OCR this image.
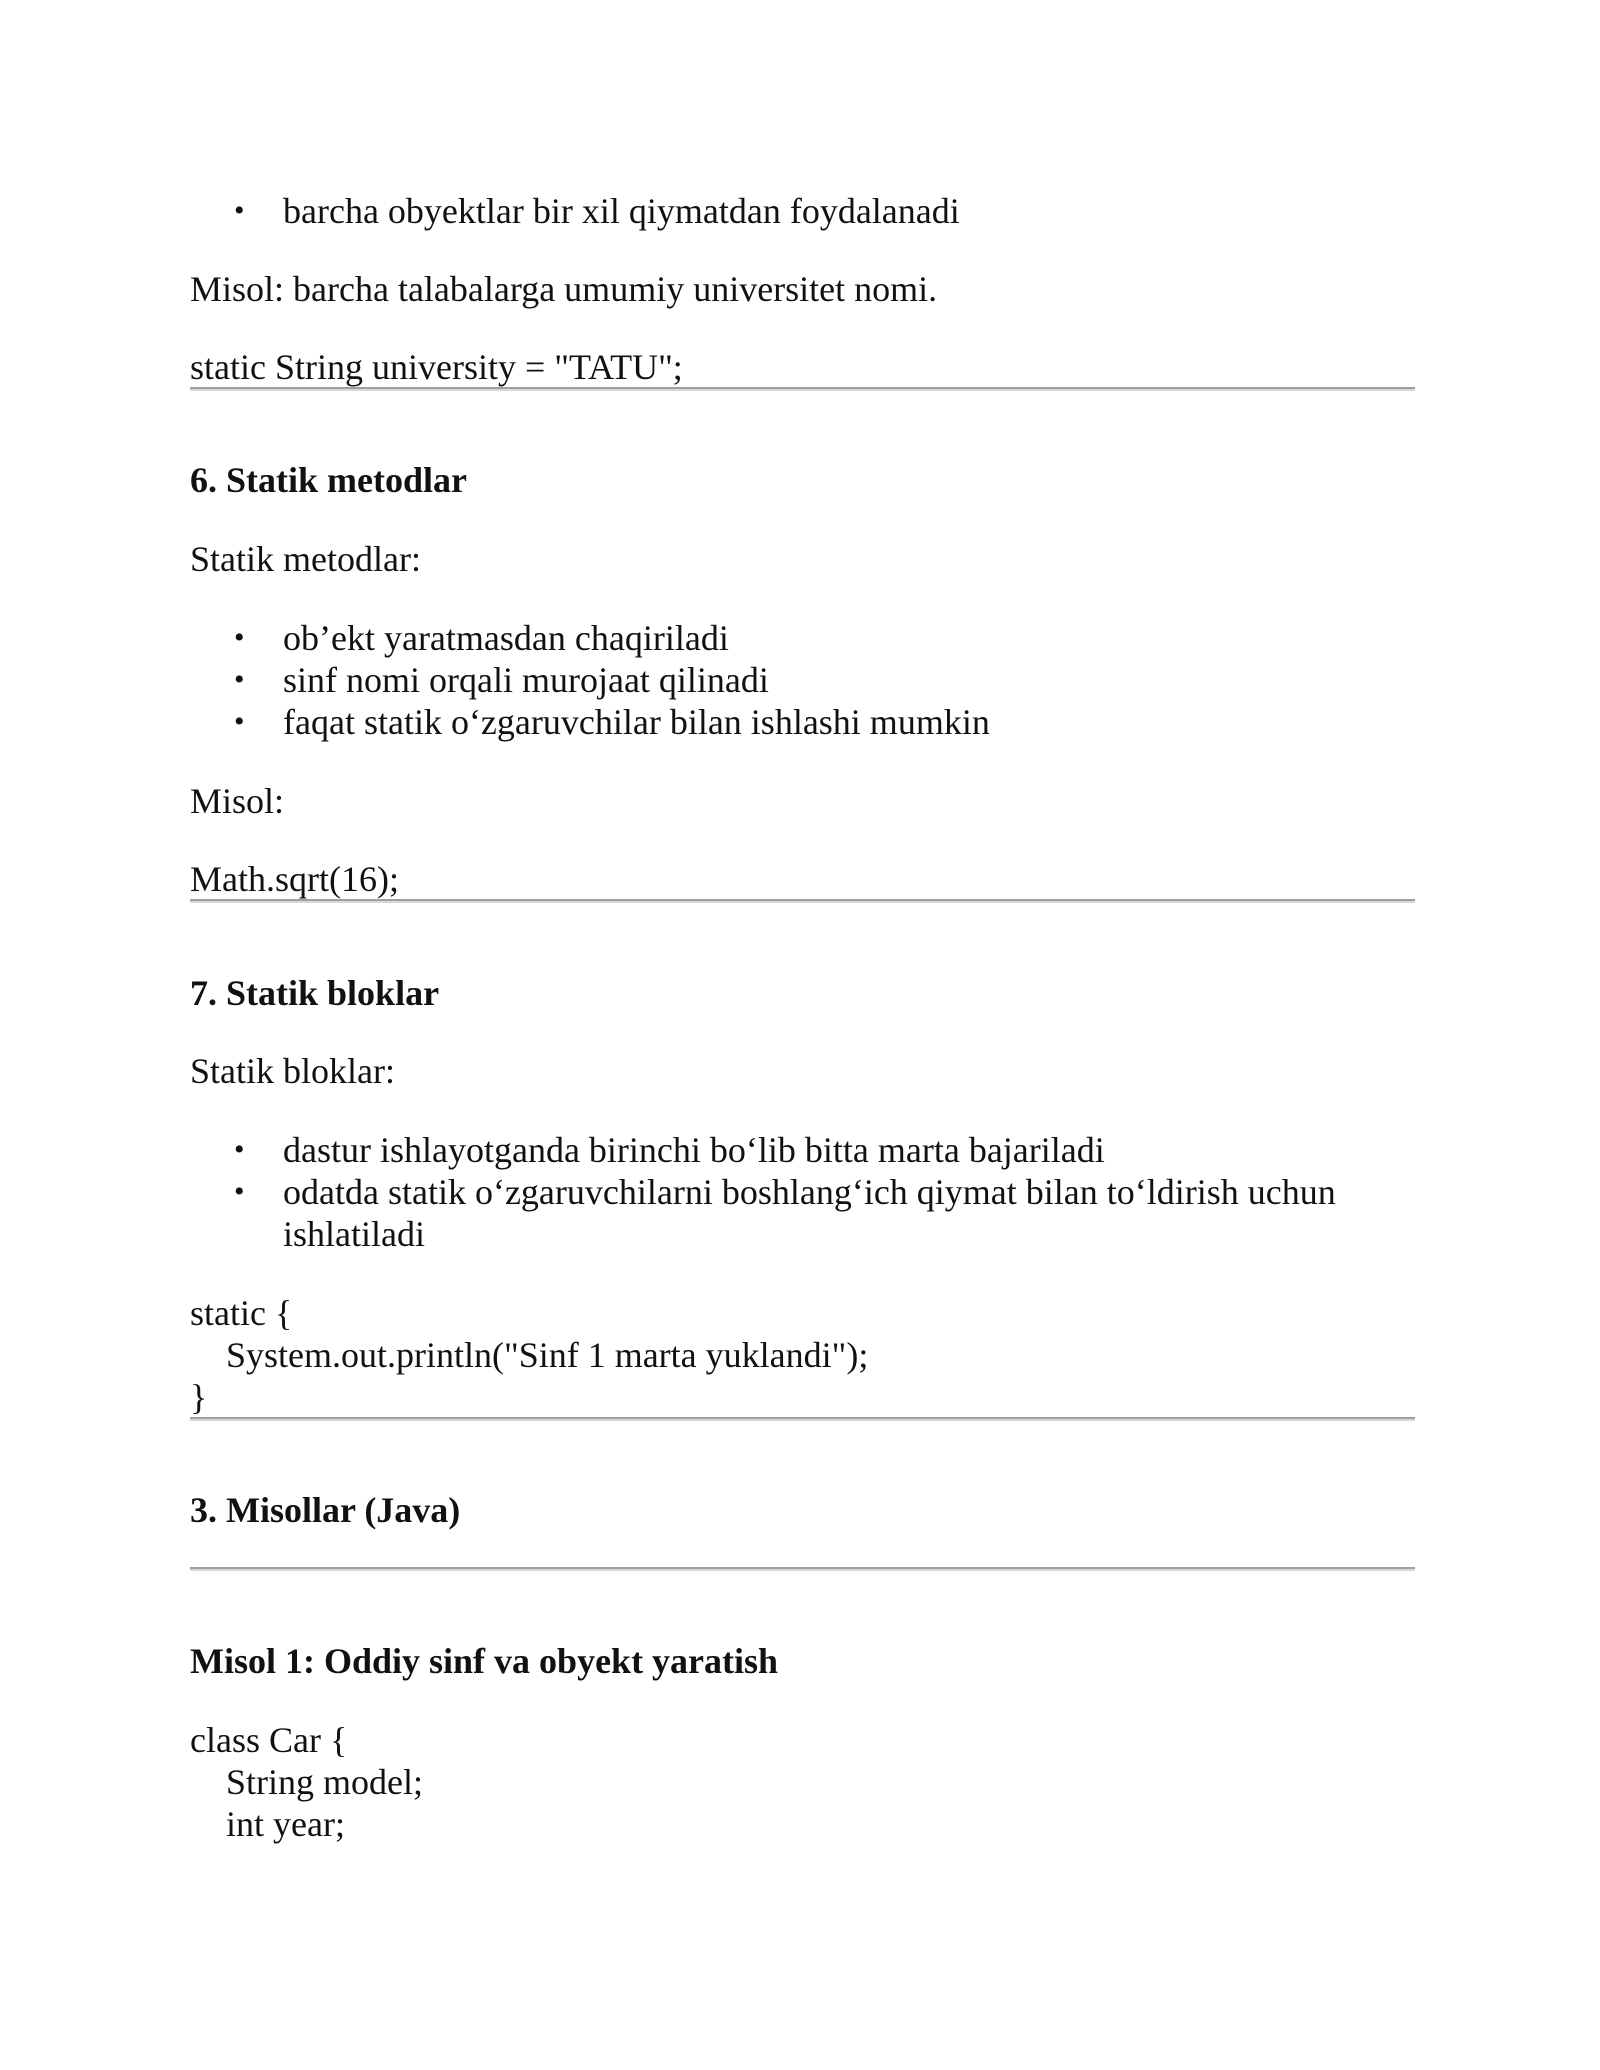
• barcha obyektlar bir xil qiymatdan foydalanadi
Misol: barcha talabalarga umumiy universitet nomi.
static String university = "TATU";
6. Statik metodlar
Statik metodlar:
• ob’ekt yaratmasdan chaqiriladi
• sinf nomi orqali murojaat qilinadi
• faqat statik o‘zgaruvchilar bilan ishlashi mumkin
Misol:
Math.sqrt(16);
7. Statik bloklar
Statik bloklar:
• dastur ishlayotganda birinchi bo‘lib bitta marta bajariladi
• odatda statik o‘zgaruvchilarni boshlang‘ich qiymat bilan to‘ldirish uchun ishlatiladi
static {
System.out.println("Sinf 1 marta yuklandi");
}
3. Misollar (Java)
Misol 1: Oddiy sinf va obyekt yaratish
class Car {
String model;
int year;
